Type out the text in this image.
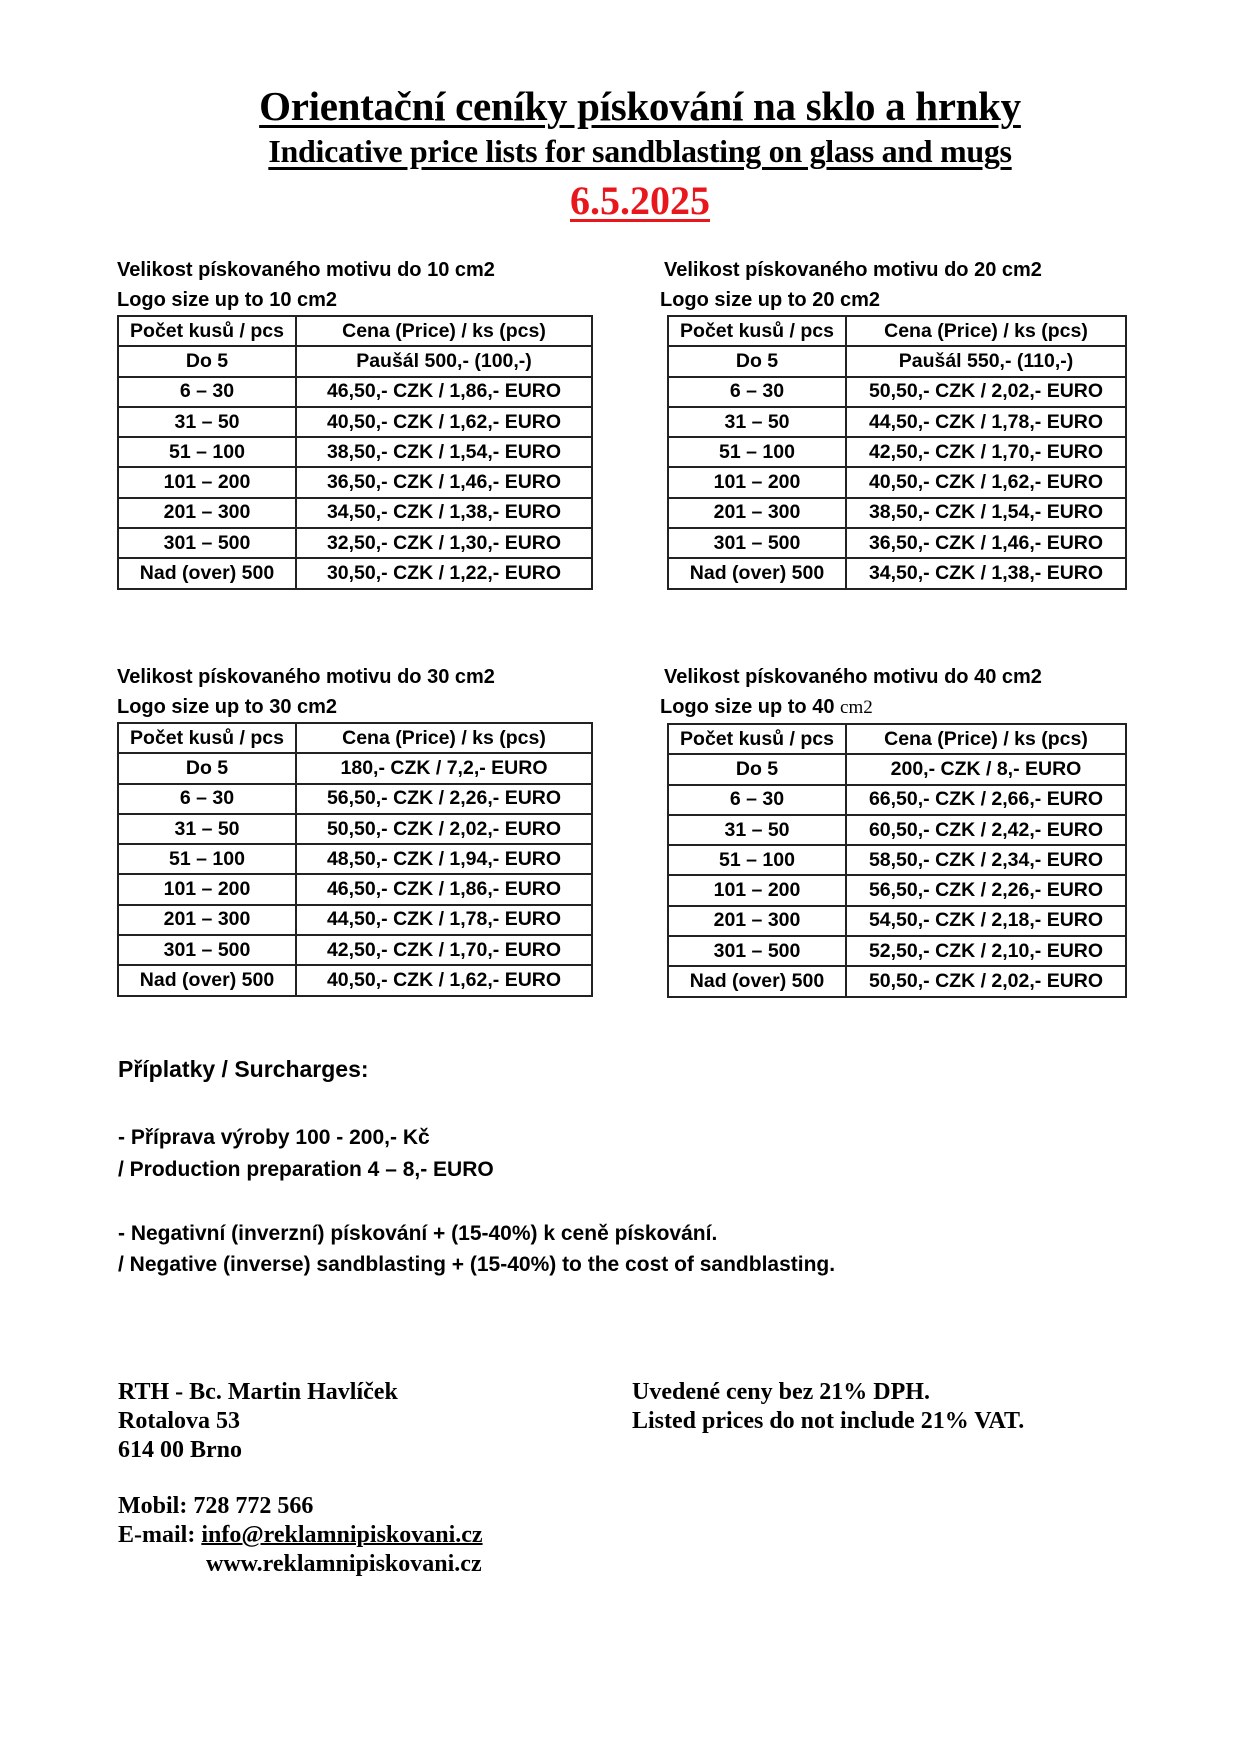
Orientační ceníky pískování na sklo a hrnky
Indicative price lists for sandblasting on glass and mugs
6.5.2025
Velikost pískovaného motivu do 10 cm2
Logo size up to 10 cm2
Počet kusů / pcs	Cena (Price) / ks (pcs)
Do 5	Paušál 500,- (100,-)
6 – 30	46,50,- CZK / 1,86,- EURO
31 – 50	40,50,- CZK / 1,62,- EURO
51 – 100	38,50,- CZK / 1,54,- EURO
101 – 200	36,50,- CZK / 1,46,- EURO
201 – 300	34,50,- CZK / 1,38,- EURO
301 – 500	32,50,- CZK / 1,30,- EURO
Nad (over) 500	30,50,- CZK / 1,22,- EURO
Velikost pískovaného motivu do 20 cm2
Logo size up to 20 cm2
Počet kusů / pcs	Cena (Price) / ks (pcs)
Do 5	Paušál 550,- (110,-)
6 – 30	50,50,- CZK / 2,02,- EURO
31 – 50	44,50,- CZK / 1,78,- EURO
51 – 100	42,50,- CZK / 1,70,- EURO
101 – 200	40,50,- CZK / 1,62,- EURO
201 – 300	38,50,- CZK / 1,54,- EURO
301 – 500	36,50,- CZK / 1,46,- EURO
Nad (over) 500	34,50,- CZK / 1,38,- EURO
Velikost pískovaného motivu do 30 cm2
Logo size up to 30 cm2
Počet kusů / pcs	Cena (Price) / ks (pcs)
Do 5	180,- CZK / 7,2,- EURO
6 – 30	56,50,- CZK / 2,26,- EURO
31 – 50	50,50,- CZK / 2,02,- EURO
51 – 100	48,50,- CZK / 1,94,- EURO
101 – 200	46,50,- CZK / 1,86,- EURO
201 – 300	44,50,- CZK / 1,78,- EURO
301 – 500	42,50,- CZK / 1,70,- EURO
Nad (over) 500	40,50,- CZK / 1,62,- EURO
Velikost pískovaného motivu do 40 cm2
Logo size up to 40 cm2
Počet kusů / pcs	Cena (Price) / ks (pcs)
Do 5	200,- CZK / 8,- EURO
6 – 30	66,50,- CZK / 2,66,- EURO
31 – 50	60,50,- CZK / 2,42,- EURO
51 – 100	58,50,- CZK / 2,34,- EURO
101 – 200	56,50,- CZK / 2,26,- EURO
201 – 300	54,50,- CZK / 2,18,- EURO
301 – 500	52,50,- CZK / 2,10,- EURO
Nad (over) 500	50,50,- CZK / 2,02,- EURO
Příplatky / Surcharges:
- Příprava výroby 100 - 200,- Kč
/ Production preparation 4 – 8,- EURO
- Negativní (inverzní) pískování + (15-40%) k ceně pískování.
/ Negative (inverse) sandblasting + (15-40%) to the cost of sandblasting.
RTH - Bc. Martin Havlíček
Rotalova 53
614 00 Brno
Mobil: 728 772 566
E-mail: info@reklamnipiskovani.cz
www.reklamnipiskovani.cz
Uvedené ceny bez 21% DPH.
Listed prices do not include 21% VAT.
